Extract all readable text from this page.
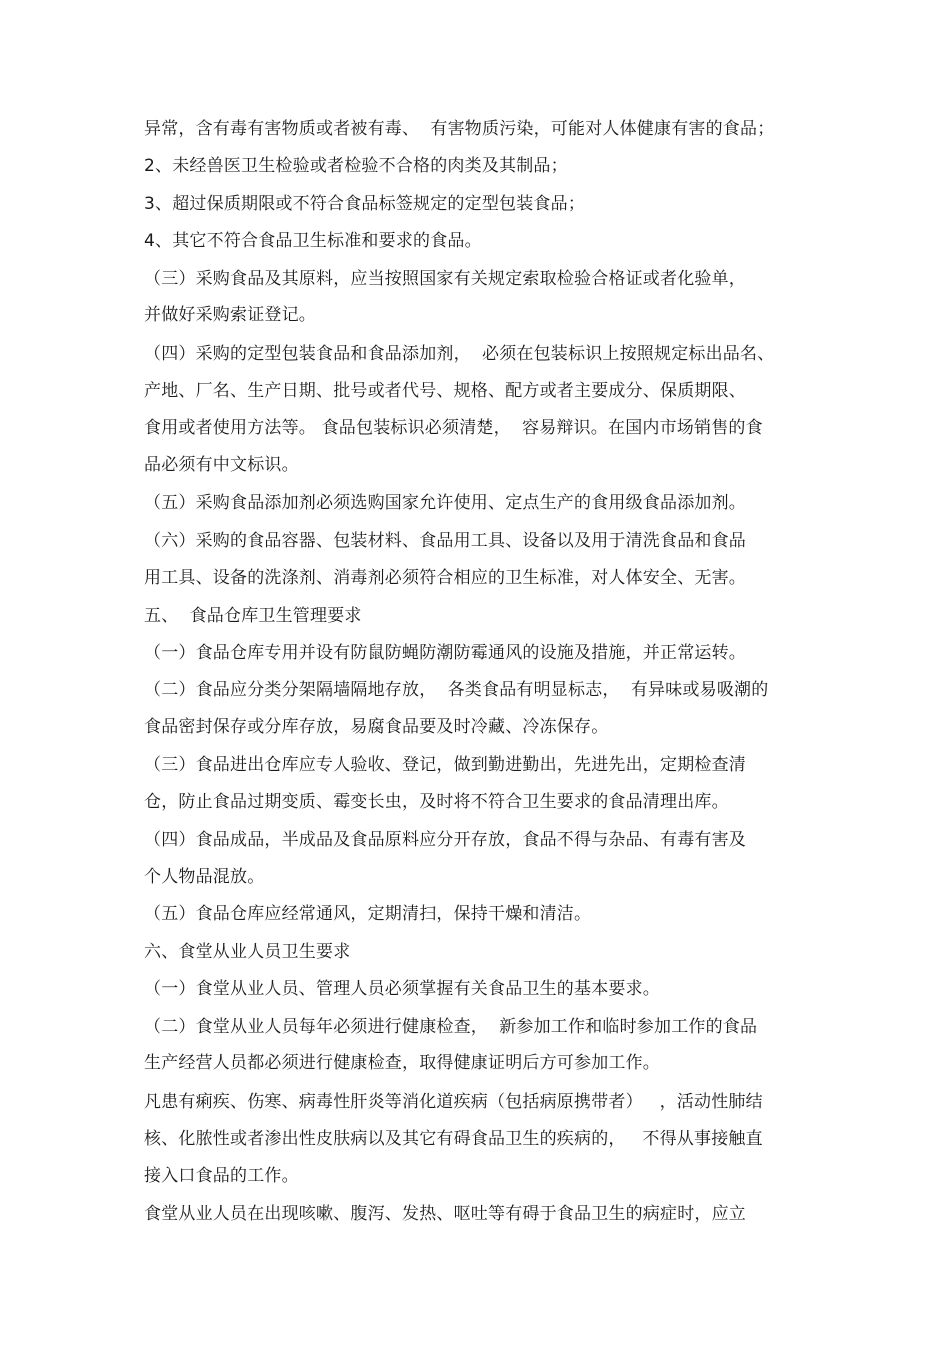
异常，含有毒有害物质或者被有毒、  有害物质污染，可能对人体健康有害的食品；
2、未经兽医卫生检验或者检验不合格的肉类及其制品；
3、超过保质期限或不符合食品标签规定的定型包装食品；
4、其它不符合食品卫生标准和要求的食品。
（三）采购食品及其原料，应当按照国家有关规定索取检验合格证或者化验单，
并做好采购索证登记。
（四）采购的定型包装食品和食品添加剂，  必须在包装标识上按照规定标出品名、
产地、厂名、生产日期、批号或者代号、规格、配方或者主要成分、保质期限、
食用或者使用方法等。 食品包装标识必须清楚，  容易辩识。在国内市场销售的食
品必须有中文标识。
（五）采购食品添加剂必须选购国家允许使用、定点生产的食用级食品添加剂。
（六）采购的食品容器、包装材料、食品用工具、设备以及用于清洗食品和食品
用工具、设备的洗涤剂、消毒剂必须符合相应的卫生标准，对人体安全、无害。
五、  食品仓库卫生管理要求
（一）食品仓库专用并设有防鼠防蝇防潮防霉通风的设施及措施，并正常运转。
（二）食品应分类分架隔墙隔地存放，  各类食品有明显标志，  有异味或易吸潮的
食品密封保存或分库存放，易腐食品要及时冷藏、冷冻保存。
（三）食品进出仓库应专人验收、登记，做到勤进勤出，先进先出，定期检查清
仓，防止食品过期变质、霉变长虫，及时将不符合卫生要求的食品清理出库。
（四）食品成品，半成品及食品原料应分开存放，食品不得与杂品、有毒有害及
个人物品混放。
（五）食品仓库应经常通风，定期清扫，保持干燥和清洁。
六、食堂从业人员卫生要求
（一）食堂从业人员、管理人员必须掌握有关食品卫生的基本要求。
（二）食堂从业人员每年必须进行健康检查，  新参加工作和临时参加工作的食品
生产经营人员都必须进行健康检查，取得健康证明后方可参加工作。
凡患有痢疾、伤寒、病毒性肝炎等消化道疾病（包括病原携带者）   ，活动性肺结
核、化脓性或者渗出性皮肤病以及其它有碍食品卫生的疾病的，   不得从事接触直
接入口食品的工作。
食堂从业人员在出现咳嗽、腹泻、发热、呕吐等有碍于食品卫生的病症时，应立
